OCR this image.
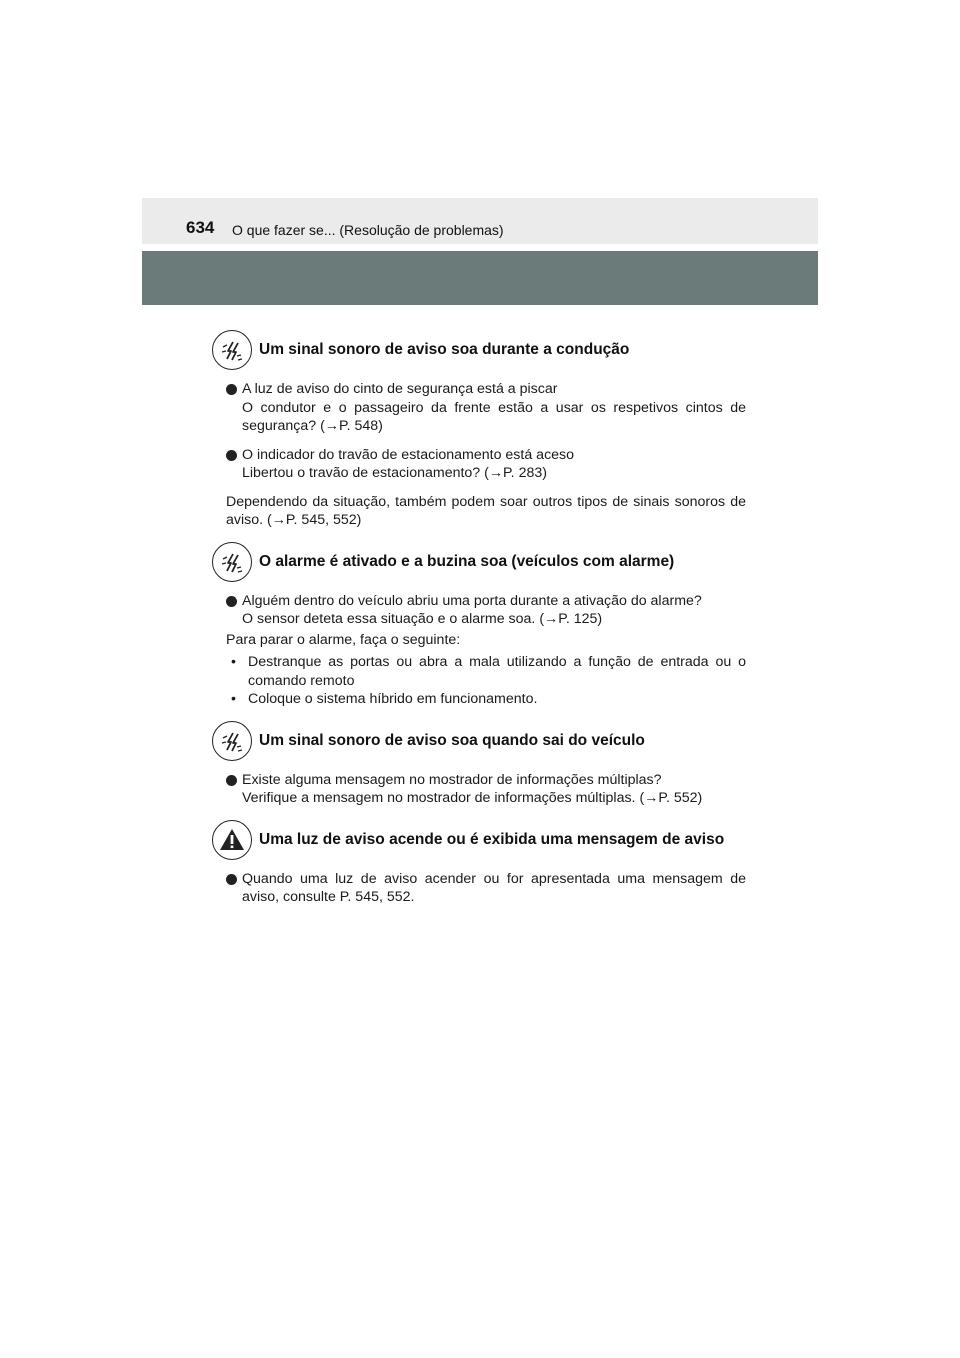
634 O que fazer se... (Resolução de problemas)
Um sinal sonoro de aviso soa durante a condução
A luz de aviso do cinto de segurança está a piscar
O condutor e o passageiro da frente estão a usar os respetivos cintos de segurança? (→P. 548)
O indicador do travão de estacionamento está aceso
Libertou o travão de estacionamento? (→P. 283)
Dependendo da situação, também podem soar outros tipos de sinais sonoros de aviso. (→P. 545, 552)
O alarme é ativado e a buzina soa (veículos com alarme)
Alguém dentro do veículo abriu uma porta durante a ativação do alarme?
O sensor deteta essa situação e o alarme soa. (→P. 125)
Para parar o alarme, faça o seguinte:
• Destranque as portas ou abra a mala utilizando a função de entrada ou o comando remoto
• Coloque o sistema híbrido em funcionamento.
Um sinal sonoro de aviso soa quando sai do veículo
Existe alguma mensagem no mostrador de informações múltiplas?
Verifique a mensagem no mostrador de informações múltiplas. (→P. 552)
Uma luz de aviso acende ou é exibida uma mensagem de aviso
Quando uma luz de aviso acender ou for apresentada uma mensagem de aviso, consulte P. 545, 552.
